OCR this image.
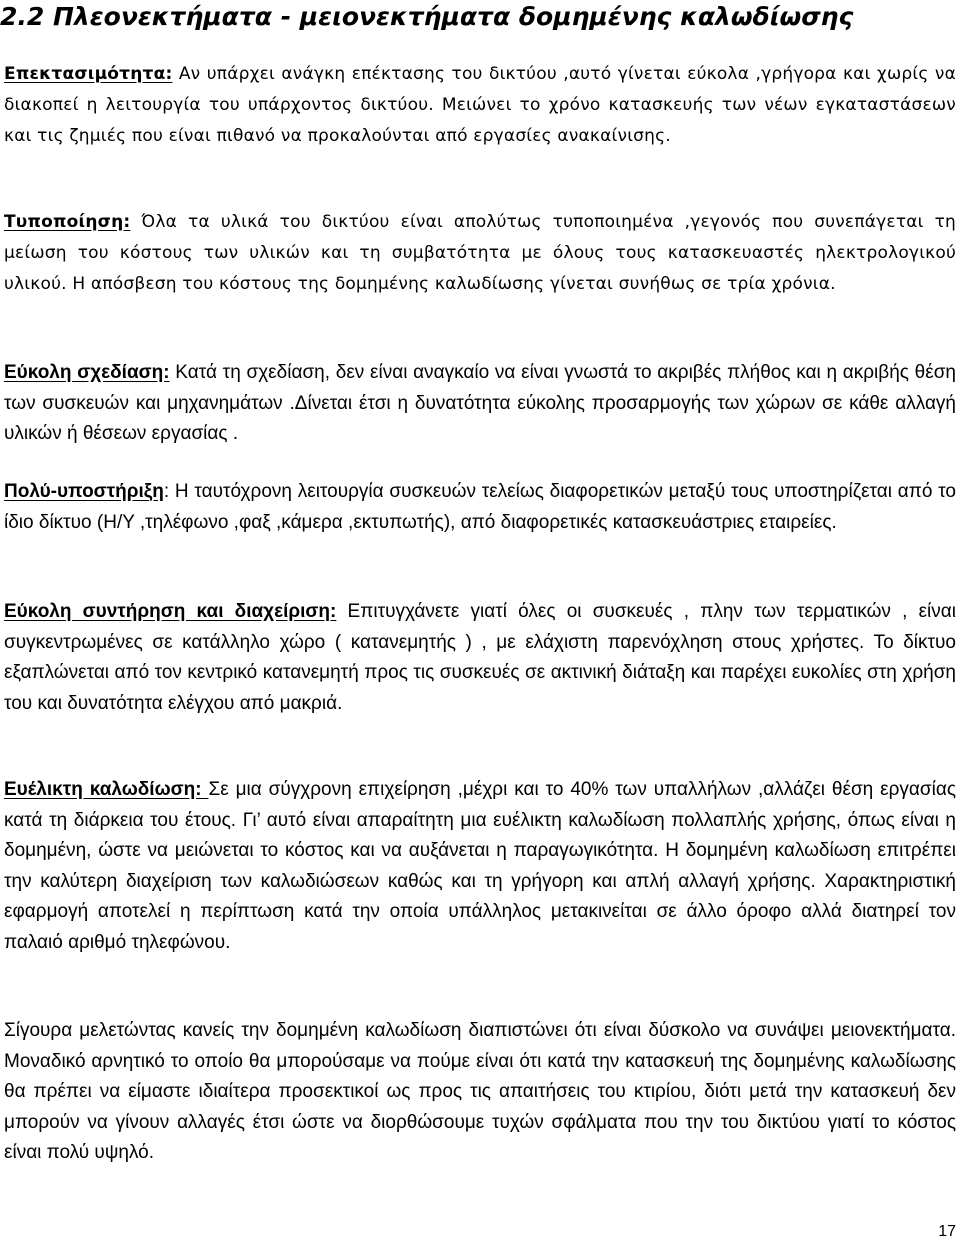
2.2 Πλεονεκτήματα - μειονεκτήματα δομημένης καλωδίωσης

Επεκτασιμότητα: Αν υπάρχει ανάγκη επέκτασης του δικτύου ,αυτό γίνεται εύκολα ,γρήγορα και χωρίς να διακοπεί η λειτουργία του υπάρχοντος δικτύου. Μειώνει το χρόνο κατασκευής των νέων εγκαταστάσεων και τις ζημιές που είναι πιθανό να προκαλούνται από εργασίες ανακαίνισης.

Τυποποίηση: Όλα τα υλικά του δικτύου είναι απολύτως τυποποιημένα ,γεγονός που συνεπάγεται τη μείωση του κόστους των υλικών και τη συμβατότητα με όλους τους κατασκευαστές ηλεκτρολογικού υλικού. Η απόσβεση του κόστους της δομημένης καλωδίωσης γίνεται συνήθως σε τρία χρόνια.

Εύκολη σχεδίαση: Κατά τη σχεδίαση, δεν είναι αναγκαίο να είναι γνωστά το ακριβές πλήθος και η ακριβής θέση των συσκευών και μηχανημάτων .Δίνεται έτσι η δυνατότητα εύκολης προσαρμογής των χώρων σε κάθε αλλαγή υλικών ή θέσεων εργασίας .

Πολύ-υποστήριξη: Η ταυτόχρονη λειτουργία συσκευών τελείως διαφορετικών μεταξύ τους υποστηρίζεται από το ίδιο δίκτυο (Η/Υ ,τηλέφωνο ,φαξ ,κάμερα ,εκτυπωτής), από διαφορετικές κατασκευάστριες εταιρείες.

Εύκολη συντήρηση και διαχείριση: Επιτυγχάνετε γιατί όλες οι συσκευές , πλην των τερματικών , είναι συγκεντρωμένες σε κατάλληλο χώρο ( κατανεμητής ) , με ελάχιστη παρενόχληση στους χρήστες. Το δίκτυο εξαπλώνεται από τον κεντρικό κατανεμητή προς τις συσκευές σε ακτινική διάταξη και παρέχει ευκολίες στη χρήση του και δυνατότητα ελέγχου από μακριά.

Ευέλικτη καλωδίωση: Σε μια σύγχρονη επιχείρηση ,μέχρι και το 40% των υπαλλήλων ,αλλάζει θέση εργασίας κατά τη διάρκεια του έτους. Γι’ αυτό είναι απαραίτητη μια ευέλικτη καλωδίωση πολλαπλής χρήσης, όπως είναι η δομημένη, ώστε να μειώνεται το κόστος και να αυξάνεται η παραγωγικότητα. Η δομημένη καλωδίωση επιτρέπει την καλύτερη διαχείριση των καλωδιώσεων καθώς και τη γρήγορη και απλή αλλαγή χρήσης. Χαρακτηριστική εφαρμογή αποτελεί η περίπτωση κατά την οποία υπάλληλος μετακινείται σε άλλο όροφο αλλά διατηρεί τον παλαιό αριθμό τηλεφώνου.

Σίγουρα μελετώντας κανείς την δομημένη καλωδίωση διαπιστώνει ότι είναι δύσκολο να συνάψει μειονεκτήματα. Μοναδικό αρνητικό το οποίο θα μπορούσαμε να πούμε είναι ότι κατά την κατασκευή της δομημένης καλωδίωσης θα πρέπει να είμαστε ιδιαίτερα προσεκτικοί ως προς τις απαιτήσεις του κτιρίου, διότι μετά την κατασκευή δεν μπορούν να γίνουν αλλαγές έτσι ώστε να διορθώσουμε τυχών σφάλματα που την του δικτύου γιατί το κόστος είναι πολύ υψηλό.

17
